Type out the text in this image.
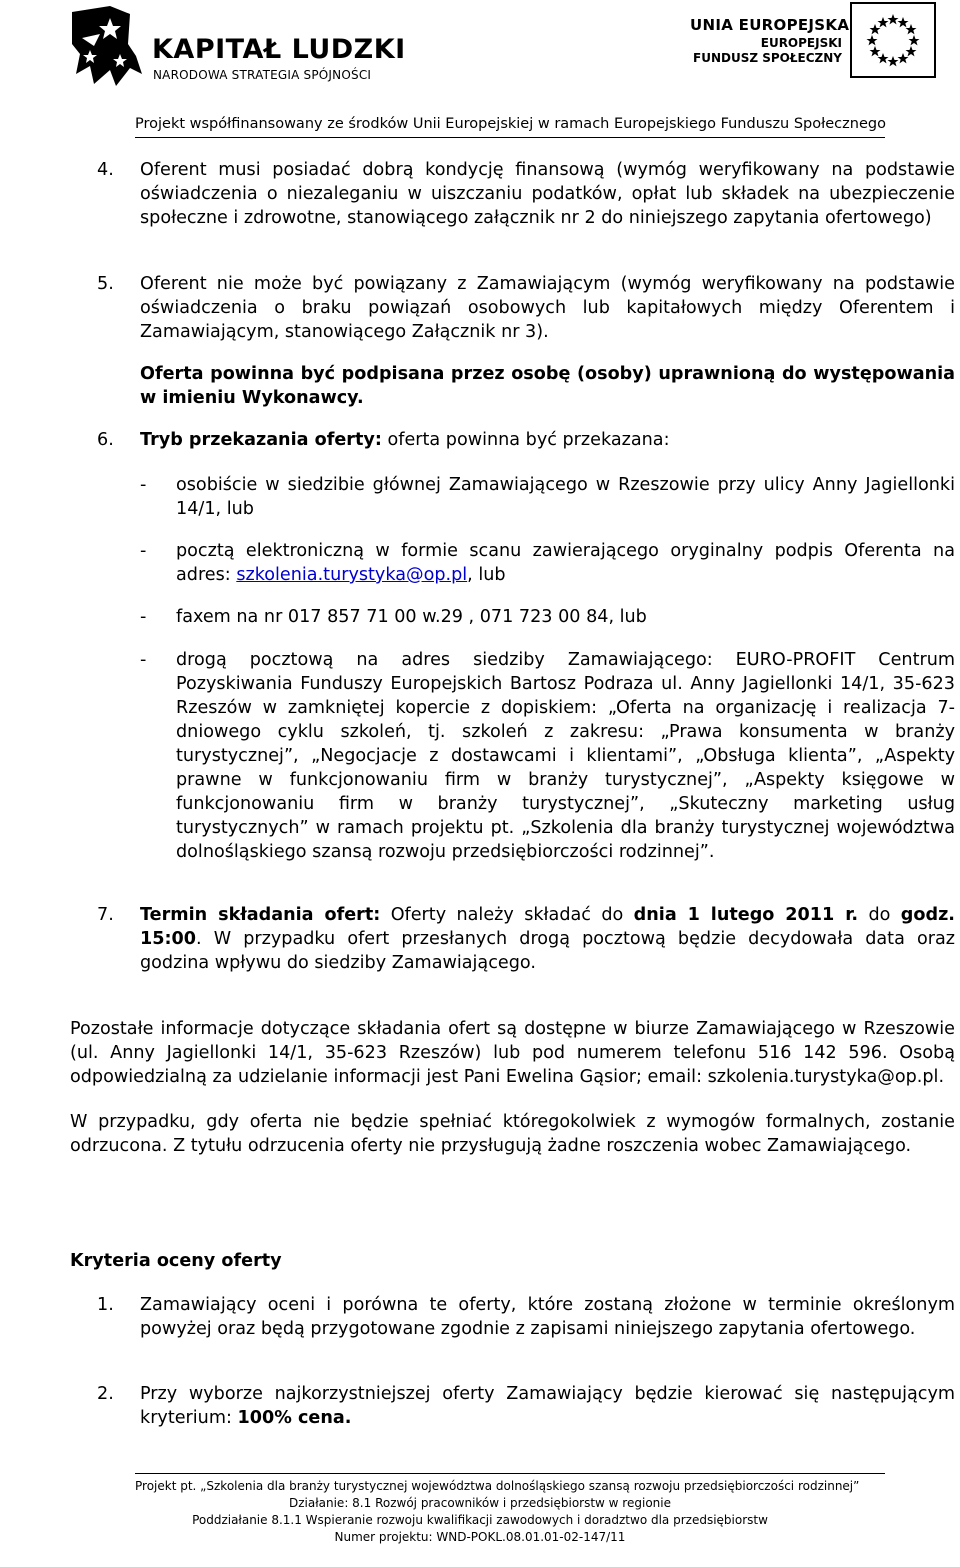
KAPITAŁ LUDZKI
NARODOWA STRATEGIA SPÓJNOŚCI
UNIA EUROPEJSKA
EUROPEJSKI
FUNDUSZ SPOŁECZNY
Projekt współfinansowany ze środków Unii Europejskiej w ramach Europejskiego Funduszu Społecznego
4. Oferent musi posiadać dobrą kondycję finansową (wymóg weryfikowany na podstawie oświadczenia o niezaleganiu w uiszczaniu podatków, opłat lub składek na ubezpieczenie społeczne i zdrowotne, stanowiącego załącznik nr 2 do niniejszego zapytania ofertowego)
5. Oferent nie może być powiązany z Zamawiającym (wymóg weryfikowany na podstawie oświadczenia o braku powiązań osobowych lub kapitałowych między Oferentem i Zamawiającym, stanowiącego Załącznik nr 3).
Oferta powinna być podpisana przez osobę (osoby) uprawnioną do występowania w imieniu Wykonawcy.
6. Tryb przekazania oferty: oferta powinna być przekazana:
- osobiście w siedzibie głównej Zamawiającego w Rzeszowie przy ulicy Anny Jagiellonki 14/1, lub
- pocztą elektroniczną w formie scanu zawierającego oryginalny podpis Oferenta na adres: szkolenia.turystyka@op.pl, lub
- faxem na nr 017 857 71 00 w.29 , 071 723 00 84, lub
- drogą pocztową na adres siedziby Zamawiającego: EURO-PROFIT Centrum Pozyskiwania Funduszy Europejskich Bartosz Podraza ul. Anny Jagiellonki 14/1, 35-623 Rzeszów w zamkniętej kopercie z dopiskiem: „Oferta na organizację i realizacja 7-dniowego cyklu szkoleń, tj. szkoleń z zakresu: „Prawa konsumenta w branży turystycznej”, „Negocjacje z dostawcami i klientami”, „Obsługa klienta”, „Aspekty prawne w funkcjonowaniu firm w branży turystycznej”, „Aspekty księgowe w funkcjonowaniu firm w branży turystycznej”, „Skuteczny marketing usług turystycznych” w ramach projektu pt. „Szkolenia dla branży turystycznej województwa dolnośląskiego szansą rozwoju przedsiębiorczości rodzinnej”.
7. Termin składania ofert: Oferty należy składać do dnia 1 lutego 2011 r. do godz. 15:00. W przypadku ofert przesłanych drogą pocztową będzie decydowała data oraz godzina wpływu do siedziby Zamawiającego.
Pozostałe informacje dotyczące składania ofert są dostępne w biurze Zamawiającego w Rzeszowie (ul. Anny Jagiellonki 14/1, 35-623 Rzeszów) lub pod numerem telefonu 516 142 596. Osobą odpowiedzialną za udzielanie informacji jest Pani Ewelina Gąsior; email: szkolenia.turystyka@op.pl.
W przypadku, gdy oferta nie będzie spełniać któregokolwiek z wymogów formalnych, zostanie odrzucona. Z tytułu odrzucenia oferty nie przysługują żadne roszczenia wobec Zamawiającego.
Kryteria oceny oferty
1. Zamawiający oceni i porówna te oferty, które zostaną złożone w terminie określonym powyżej oraz będą przygotowane zgodnie z zapisami niniejszego zapytania ofertowego.
2. Przy wyborze najkorzystniejszej oferty Zamawiający będzie kierować się następującym kryterium: 100% cena.
Projekt pt. „Szkolenia dla branży turystycznej województwa dolnośląskiego szansą rozwoju przedsiębiorczości rodzinnej”
Działanie: 8.1 Rozwój pracowników i przedsiębiorstw w regionie
Poddziałanie 8.1.1 Wspieranie rozwoju kwalifikacji zawodowych i doradztwo dla przedsiębiorstw
Numer projektu: WND-POKL.08.01.01-02-147/11
